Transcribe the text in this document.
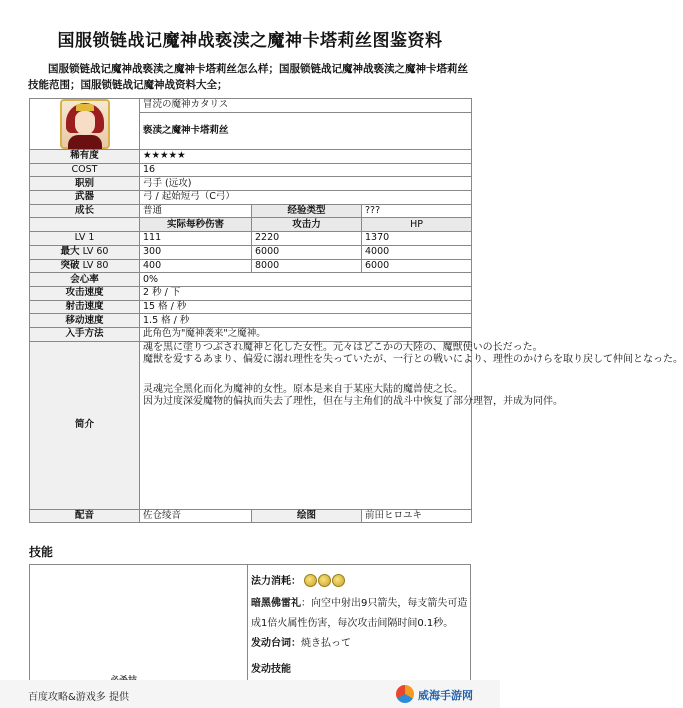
国服锁链战记魔神战亵渎之魔神卡塔莉丝图鉴资料
国服锁链战记魔神战亵渎之魔神卡塔莉丝怎么样；国服锁链战记魔神战亵渎之魔神卡塔莉丝技能范围；国服锁链战记魔神战资料大全；
	冒涜の魔神カタリス		
	亵渎之魔神卡塔莉丝		

稀有度	★★★★★		
COST	16		
职别	弓手 (远攻)		
武器	弓 / 起始短弓（C弓）		
成长	普通	经验类型	???
	实际每秒伤害	攻击力	HP
LV 1	111	2220	1370
最大 LV 60	300	6000	4000
突破 LV 80	400	8000	6000
会心率	0%		
攻击速度	2 秒 / 下		
射击速度	15 格 / 秒		
移动速度	1.5 格 / 秒		
入手方法	此角色为"魔神袭来"之魔神。		
简介	魂を黒に塗りつぶされ魔神と化した女性。元々はどこかの大陸の、魔獣使いの长だった。

魔獣を爱するあまり、偏爱に溺れ理性を失っていたが、一行との戦いにより、理性のかけらを取り戻して仲间となった。

灵魂完全黑化而化为魔神的女性。原本是来自于某座大陆的魔兽使之长。

因为过度深爱魔物的偏执而失去了理性，但在与主角们的战斗中恢复了部分理智，并成为同伴。		

配音	佐仓绫音	绘图	前田ヒロユキ
技能
法力消耗：
暗黑佛雷礼：向空中射出9只箭失，每支箭失可造成1倍火属性伤害，每次攻击间隔时间0.1秒。
发动台词：焼き払って
发动技能
百度攻略&游戏多 提供	威海手游网
